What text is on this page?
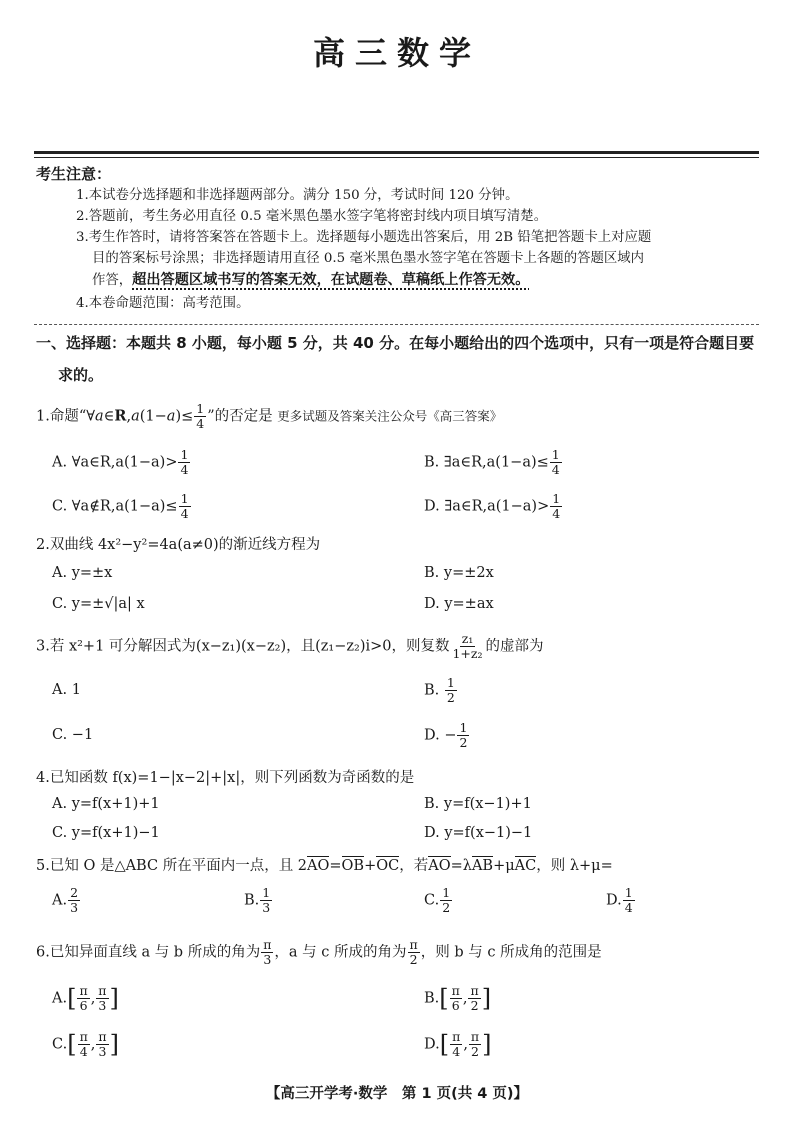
高三数学
考生注意：
1.本试卷分选择题和非选择题两部分。满分 150 分，考试时间 120 分钟。
2.答题前，考生务必用直径 0.5 毫米黑色墨水签字笔将密封线内项目填写清楚。
3.考生作答时，请将答案答在答题卡上。选择题每小题选出答案后，用 2B 铅笔把答题卡上对应题
目的答案标号涂黑；非选择题请用直径 0.5 毫米黑色墨水签字笔在答题卡上各题的答题区域内
作答，超出答题区域书写的答案无效，在试题卷、草稿纸上作答无效。
4.本卷命题范围：高考范围。
一、选择题：本题共 8 小题，每小题 5 分，共 40 分。在每小题给出的四个选项中，只有一项是符合题目要
求的。
1.命题“∀a∈R,a(1−a)≤ $\frac{1}{4}$ ”的否定是 更多试题及答案关注公众号《高三答案》
A. ∀a∈R,a(1−a)> $\frac{1}{4}$	B. ∃a∈R,a(1−a)≤ $\frac{1}{4}$
C. ∀a∉R,a(1−a)≤ $\frac{1}{4}$	D. ∃a∈R,a(1−a)> $\frac{1}{4}$
2.双曲线 4x²−y²=4a(a≠0)的渐近线方程为
A. y=±x	B. y=±2x
C. y=±√|a| x	D. y=±ax
3.若 x²+1 可分解因式为(x−z₁)(x−z₂)，且(z₁−z₂)i>0，则复数 $\frac{\text{z₁}}{\text{1+z₂}}$ 的虚部为
A. 1	B. $\frac{1}{2}$
C. −1	D. − $\frac{1}{2}$
4.已知函数 f(x)=1−|x−2|+|x|，则下列函数为奇函数的是
A. y=f(x+1)+1	B. y=f(x−1)+1
C. y=f(x+1)−1	D. y=f(x−1)−1
5.已知 O 是△ABC 所在平面内一点，且 2AO=OB+OC，若AO=λAB+μAC，则 λ+μ=
A. $\frac{2}{3}$	B. $\frac{1}{3}$	C. $\frac{1}{2}$	D. $\frac{1}{4}$
6.已知异面直线 a 与 b 所成的角为 $\frac{\pi}{3}$ ，a 与 c 所成的角为 $\frac{\pi}{2}$ ，则 b 与 c 所成角的范围是
$A.[ \frac{\pi}{6}$ , $\frac{\pi}{3}$ ]	$B.[ \frac{\pi}{6}$ , $\frac{\pi}{2}$ ]
$C.[ \frac{\pi}{4}$ , $\frac{\pi}{3}$ ]	$D.[ \frac{\pi}{4}$ , $\frac{\pi}{2}$ ]
【高三开学考·数学　第 1 页(共 4 页)】
